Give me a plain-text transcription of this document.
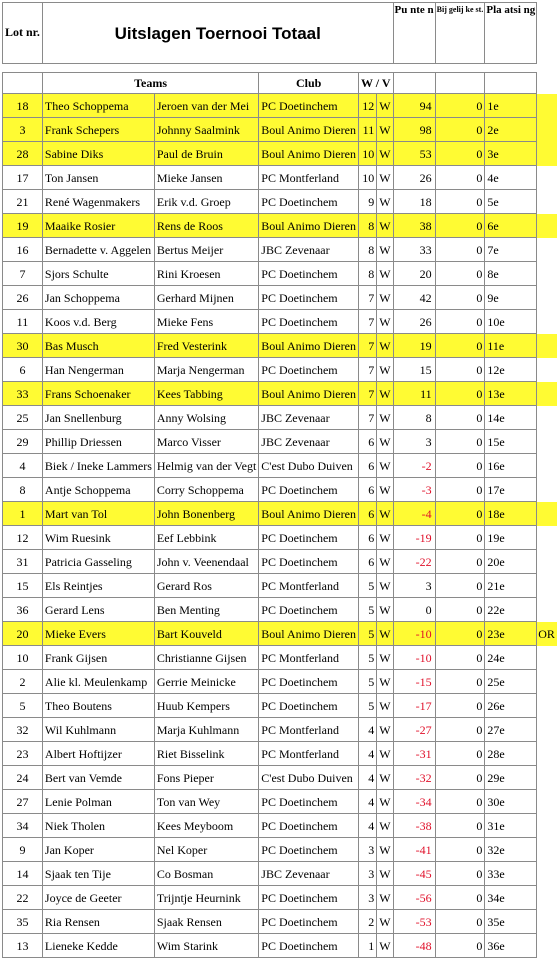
Lot nr.	Uitslagen Toernooi Totaal					Pu nte n	Bij gelij ke st.	Pla atsi ng	

	Teams		Club	W / V					
18	Theo Schoppema	Jeroen van der Mei	PC Doetinchem	12	W	94	0	1e	
3	Frank Schepers	Johnny Saalmink	Boul Animo Dieren	11	W	98	0	2e	
28	Sabine Diks	Paul de Bruin	Boul Animo Dieren	10	W	53	0	3e	
17	Ton Jansen	Mieke Jansen	PC Montferland	10	W	26	0	4e	
21	René Wagenmakers	Erik v.d. Groep	PC Doetinchem	9	W	18	0	5e	
19	Maaike Rosier	Rens de Roos	Boul Animo Dieren	8	W	38	0	6e	
16	Bernadette v. Aggelen	Bertus Meijer	JBC Zevenaar	8	W	33	0	7e	
7	Sjors Schulte	Rini Kroesen	PC Doetinchem	8	W	20	0	8e	
26	Jan Schoppema	Gerhard Mijnen	PC Doetinchem	7	W	42	0	9e	
11	Koos v.d. Berg	Mieke Fens	PC Doetinchem	7	W	26	0	10e	
30	Bas Musch	Fred Vesterink	Boul Animo Dieren	7	W	19	0	11e	
6	Han Nengerman	Marja Nengerman	PC Doetinchem	7	W	15	0	12e	
33	Frans Schoenaker	Kees Tabbing	Boul Animo Dieren	7	W	11	0	13e	
25	Jan Snellenburg	Anny Wolsing	JBC Zevenaar	7	W	8	0	14e	
29	Phillip Driessen	Marco Visser	JBC Zevenaar	6	W	3	0	15e	
4	Biek / Ineke Lammers	Helmig van der Vegt	C'est Dubo Duiven	6	W	-2	0	16e	
8	Antje Schoppema	Corry Schoppema	PC Doetinchem	6	W	-3	0	17e	
1	Mart van Tol	John Bonenberg	Boul Animo Dieren	6	W	-4	0	18e	
12	Wim Ruesink	Eef Lebbink	PC Doetinchem	6	W	-19	0	19e	
31	Patricia Gasseling	John v. Veenendaal	PC Doetinchem	6	W	-22	0	20e	
15	Els Reintjes	Gerard Ros	PC Montferland	5	W	3	0	21e	
36	Gerard Lens	Ben Menting	PC Doetinchem	5	W	0	0	22e	
20	Mieke Evers	Bart Kouveld	Boul Animo Dieren	5	W	-10	0	23e	OR
10	Frank Gijsen	Christianne Gijsen	PC Montferland	5	W	-10	0	24e	
2	Alie kl. Meulenkamp	Gerrie Meinicke	PC Doetinchem	5	W	-15	0	25e	
5	Theo Boutens	Huub Kempers	PC Doetinchem	5	W	-17	0	26e	
32	Wil Kuhlmann	Marja Kuhlmann	PC Montferland	4	W	-27	0	27e	
23	Albert Hoftijzer	Riet Bisselink	PC Montferland	4	W	-31	0	28e	
24	Bert van Vemde	Fons Pieper	C'est Dubo Duiven	4	W	-32	0	29e	
27	Lenie Polman	Ton van Wey	PC Doetinchem	4	W	-34	0	30e	
34	Niek Tholen	Kees Meyboom	PC Doetinchem	4	W	-38	0	31e	
9	Jan Koper	Nel Koper	PC Doetinchem	3	W	-41	0	32e	
14	Sjaak ten Tije	Co Bosman	JBC Zevenaar	3	W	-45	0	33e	
22	Joyce de Geeter	Trijntje Heurnink	PC Doetinchem	3	W	-56	0	34e	
35	Ria Rensen	Sjaak Rensen	PC Doetinchem	2	W	-53	0	35e	
13	Lieneke Kedde	Wim Starink	PC Doetinchem	1	W	-48	0	36e	
